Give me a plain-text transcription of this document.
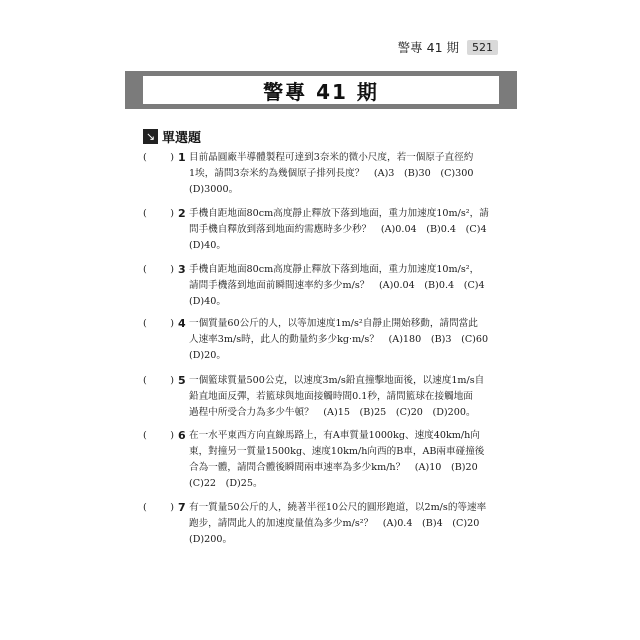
警專 41 期	521
警專 41 期
↘ 單選題
( ) 1 目前晶圓廠半導體製程可達到3奈米的微小尺度，若一個原子直徑約
1埃，請問3奈米約為幾個原子排列長度？　(A)3　(B)30　(C)300
(D)3000。
( ) 2 手機自距地面80cm高度靜止釋放下落到地面，重力加速度10m/s²，請
問手機自釋放到落到地面約需應時多少秒？　(A)0.04　(B)0.4　(C)4
(D)40。
( ) 3 手機自距地面80cm高度靜止釋放下落到地面，重力加速度10m/s²，
請問手機落到地面前瞬間速率約多少m/s？　(A)0.04　(B)0.4　(C)4
(D)40。
( ) 4 一個質量60公斤的人，以等加速度1m/s²自靜止開始移動，請問當此
人速率3m/s時，此人的動量約多少kg‧m/s？　(A)180　(B)3　(C)60
(D)20。
( ) 5 一個籃球質量500公克，以速度3m/s鉛直撞擊地面後，以速度1m/s自
鉛直地面反彈，若籃球與地面接觸時間0.1秒，請問籃球在接觸地面
過程中所受合力為多少牛頓？　(A)15　(B)25　(C)20　(D)200。
( ) 6 在一水平東西方向直線馬路上，有A車質量1000kg、速度40km/h向
東，對撞另一質量1500kg、速度10km/h向西的B車，AB兩車碰撞後
合為一體，請問合體後瞬間兩車速率為多少km/h？　(A)10　(B)20
(C)22　(D)25。
( ) 7 有一質量50公斤的人，繞著半徑10公尺的圓形跑道，以2m/s的等速率
跑步，請問此人的加速度量值為多少m/s²？　(A)0.4　(B)4　(C)20
(D)200。
